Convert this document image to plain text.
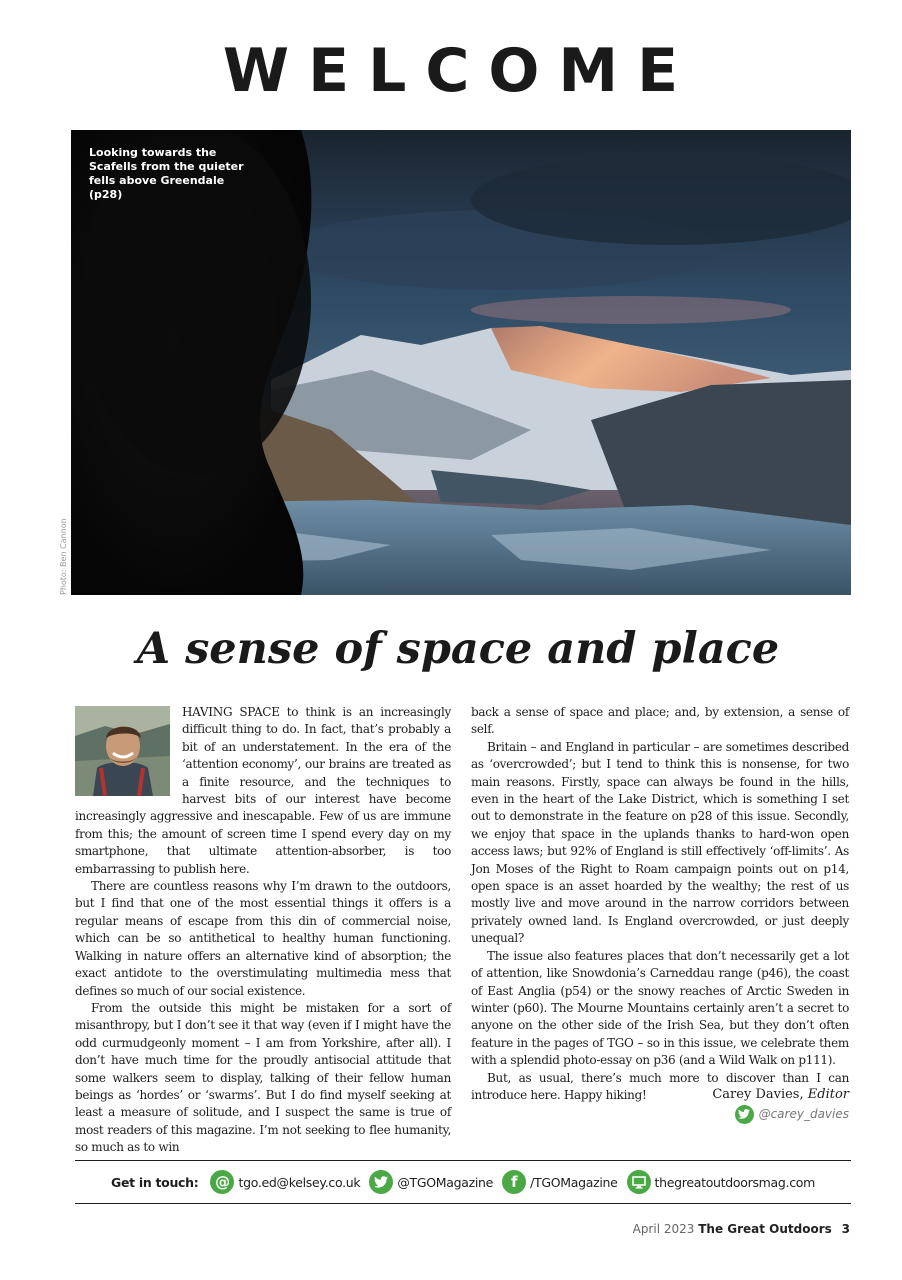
WELCOME

Looking towards the Scafells from the quieter fells above Greendale (p28)

Photo: Ben Cannon
A sense of space and place

HAVING SPACE to think is an increasingly difficult thing to do. In fact, that’s probably a bit of an understatement. In the era of the ‘attention economy’, our brains are treated as a finite resource, and the techniques to harvest bits of our interest have become increasingly aggressive and inescapable. Few of us are immune from this; the amount of screen time I spend every day on my smartphone, that ultimate attention-absorber, is too embarrassing to publish here.

There are countless reasons why I’m drawn to the outdoors, but I find that one of the most essential things it offers is a regular means of escape from this din of commercial noise, which can be so antithetical to healthy human functioning. Walking in nature offers an alternative kind of absorption; the exact antidote to the overstimulating multimedia mess that defines so much of our social existence.

From the outside this might be mistaken for a sort of misanthropy, but I don’t see it that way (even if I might have the odd curmudgeonly moment – I am from Yorkshire, after all). I don’t have much time for the proudly antisocial attitude that some walkers seem to display, talking of their fellow human beings as ‘hordes’ or ‘swarms’. But I do find myself seeking at least a measure of solitude, and I suspect the same is true of most readers of this magazine. I’m not seeking to flee humanity, so much as to win

back a sense of space and place; and, by extension, a sense of self.

Britain – and England in particular – are sometimes described as ‘overcrowded’; but I tend to think this is nonsense, for two main reasons. Firstly, space can always be found in the hills, even in the heart of the Lake District, which is something I set out to demonstrate in the feature on p28 of this issue. Secondly, we enjoy that space in the uplands thanks to hard-won open access laws; but 92% of England is still effectively ‘off-limits’. As Jon Moses of the Right to Roam campaign points out on p14, open space is an asset hoarded by the wealthy; the rest of us mostly live and move around in the narrow corridors between privately owned land. Is England overcrowded, or just deeply unequal?

The issue also features places that don’t necessarily get a lot of attention, like Snowdonia’s Carneddau range (p46), the coast of East Anglia (p54) or the snowy reaches of Arctic Sweden in winter (p60). The Mourne Mountains certainly aren’t a secret to anyone on the other side of the Irish Sea, but they don’t often feature in the pages of TGO – so in this issue, we celebrate them with a splendid photo-essay on p36 (and a Wild Walk on p111).

But, as usual, there’s much more to discover than I can introduce here. Happy hiking!	Carey Davies, Editor
@carey_davies
Get in touch:	@ tgo.ed@kelsey.co.uk	@TGOMagazine	f	/TGOMagazine	thegreatoutdoorsmag.com
April 2023 The Great Outdoors 3
